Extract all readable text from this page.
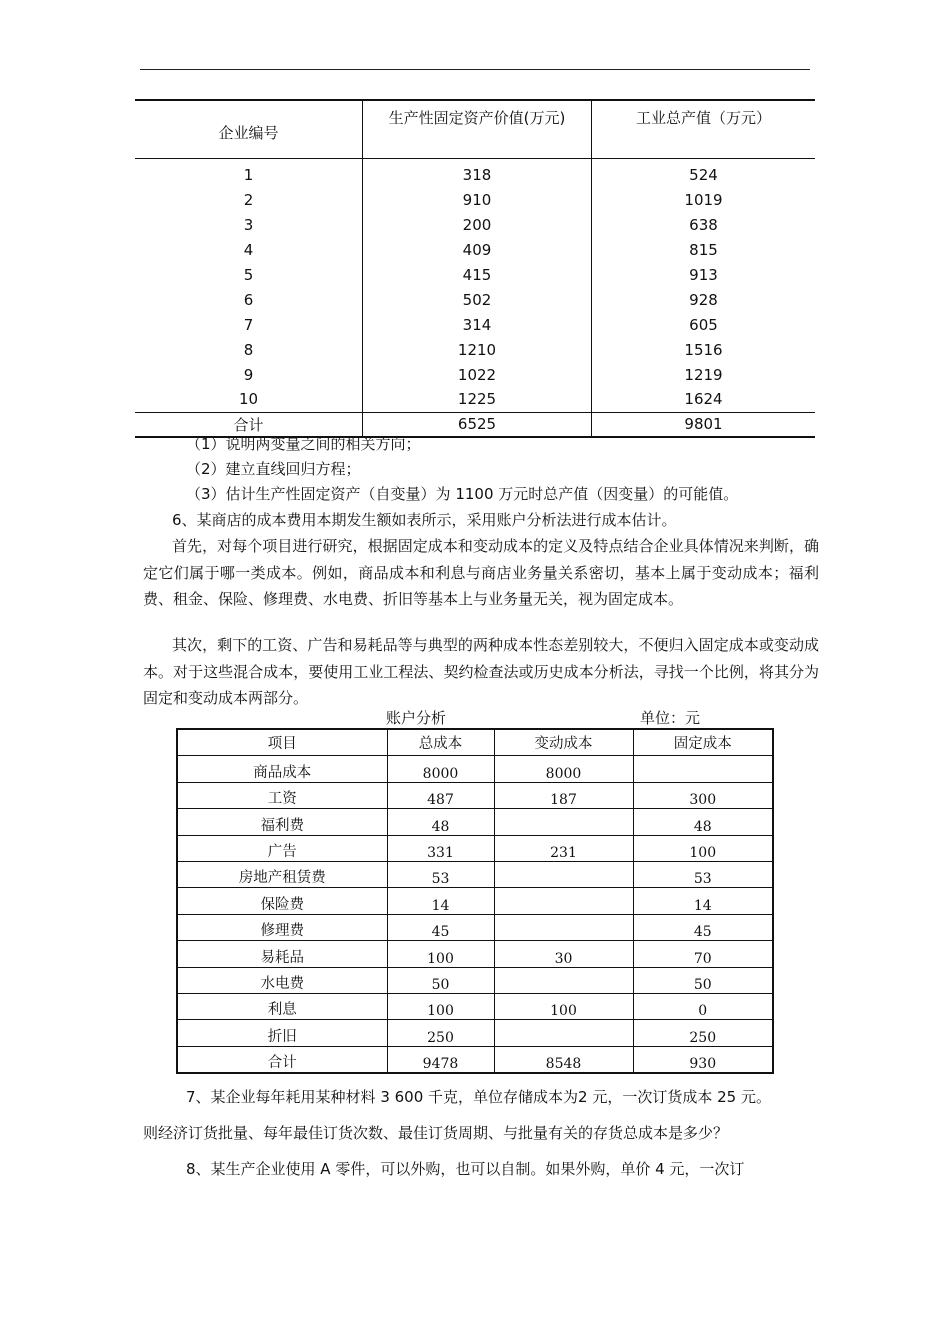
企业编号	生产性固定资产价值(万元)	工业总产值（万元）
1	318	524
2	910	1019
3	200	638
4	409	815
5	415	913
6	502	928
7	314	605
8	1210	1516
9	1022	1219
10	1225	1624
合计	6525	9801
（1）说明两变量之间的相关方向；
（2）建立直线回归方程；
（3）估计生产性固定资产（自变量）为 1100 万元时总产值（因变量）的可能值。
6、某商店的成本费用本期发生额如表所示，采用账户分析法进行成本估计。
首先，对每个项目进行研究，根据固定成本和变动成本的定义及特点结合企业具体情况来判断，确定它们属于哪一类成本。例如，商品成本和利息与商店业务量关系密切，基本上属于变动成本；福利费、租金、保险、修理费、水电费、折旧等基本上与业务量无关，视为固定成本。
其次，剩下的工资、广告和易耗品等与典型的两种成本性态差别较大，不便归入固定成本或变动成本。对于这些混合成本，要使用工业工程法、契约检查法或历史成本分析法，寻找一个比例，将其分为固定和变动成本两部分。
账户分析	单位：元
项目	总成本	变动成本	固定成本
商品成本	8000	8000	
工资	487	187	300
福利费	48		48
广告	331	231	100
房地产租赁费	53		53
保险费	14		14
修理费	45		45
易耗品	100	30	70
水电费	50		50
利息	100	100	0
折旧	250		250
合计	9478	8548	930
7、某企业每年耗用某种材料 3 600 千克，单位存储成本为2 元，一次订货成本 25 元。
则经济订货批量、每年最佳订货次数、最佳订货周期、与批量有关的存货总成本是多少？
8、某生产企业使用 A 零件，可以外购，也可以自制。如果外购，单价 4 元，一次订
